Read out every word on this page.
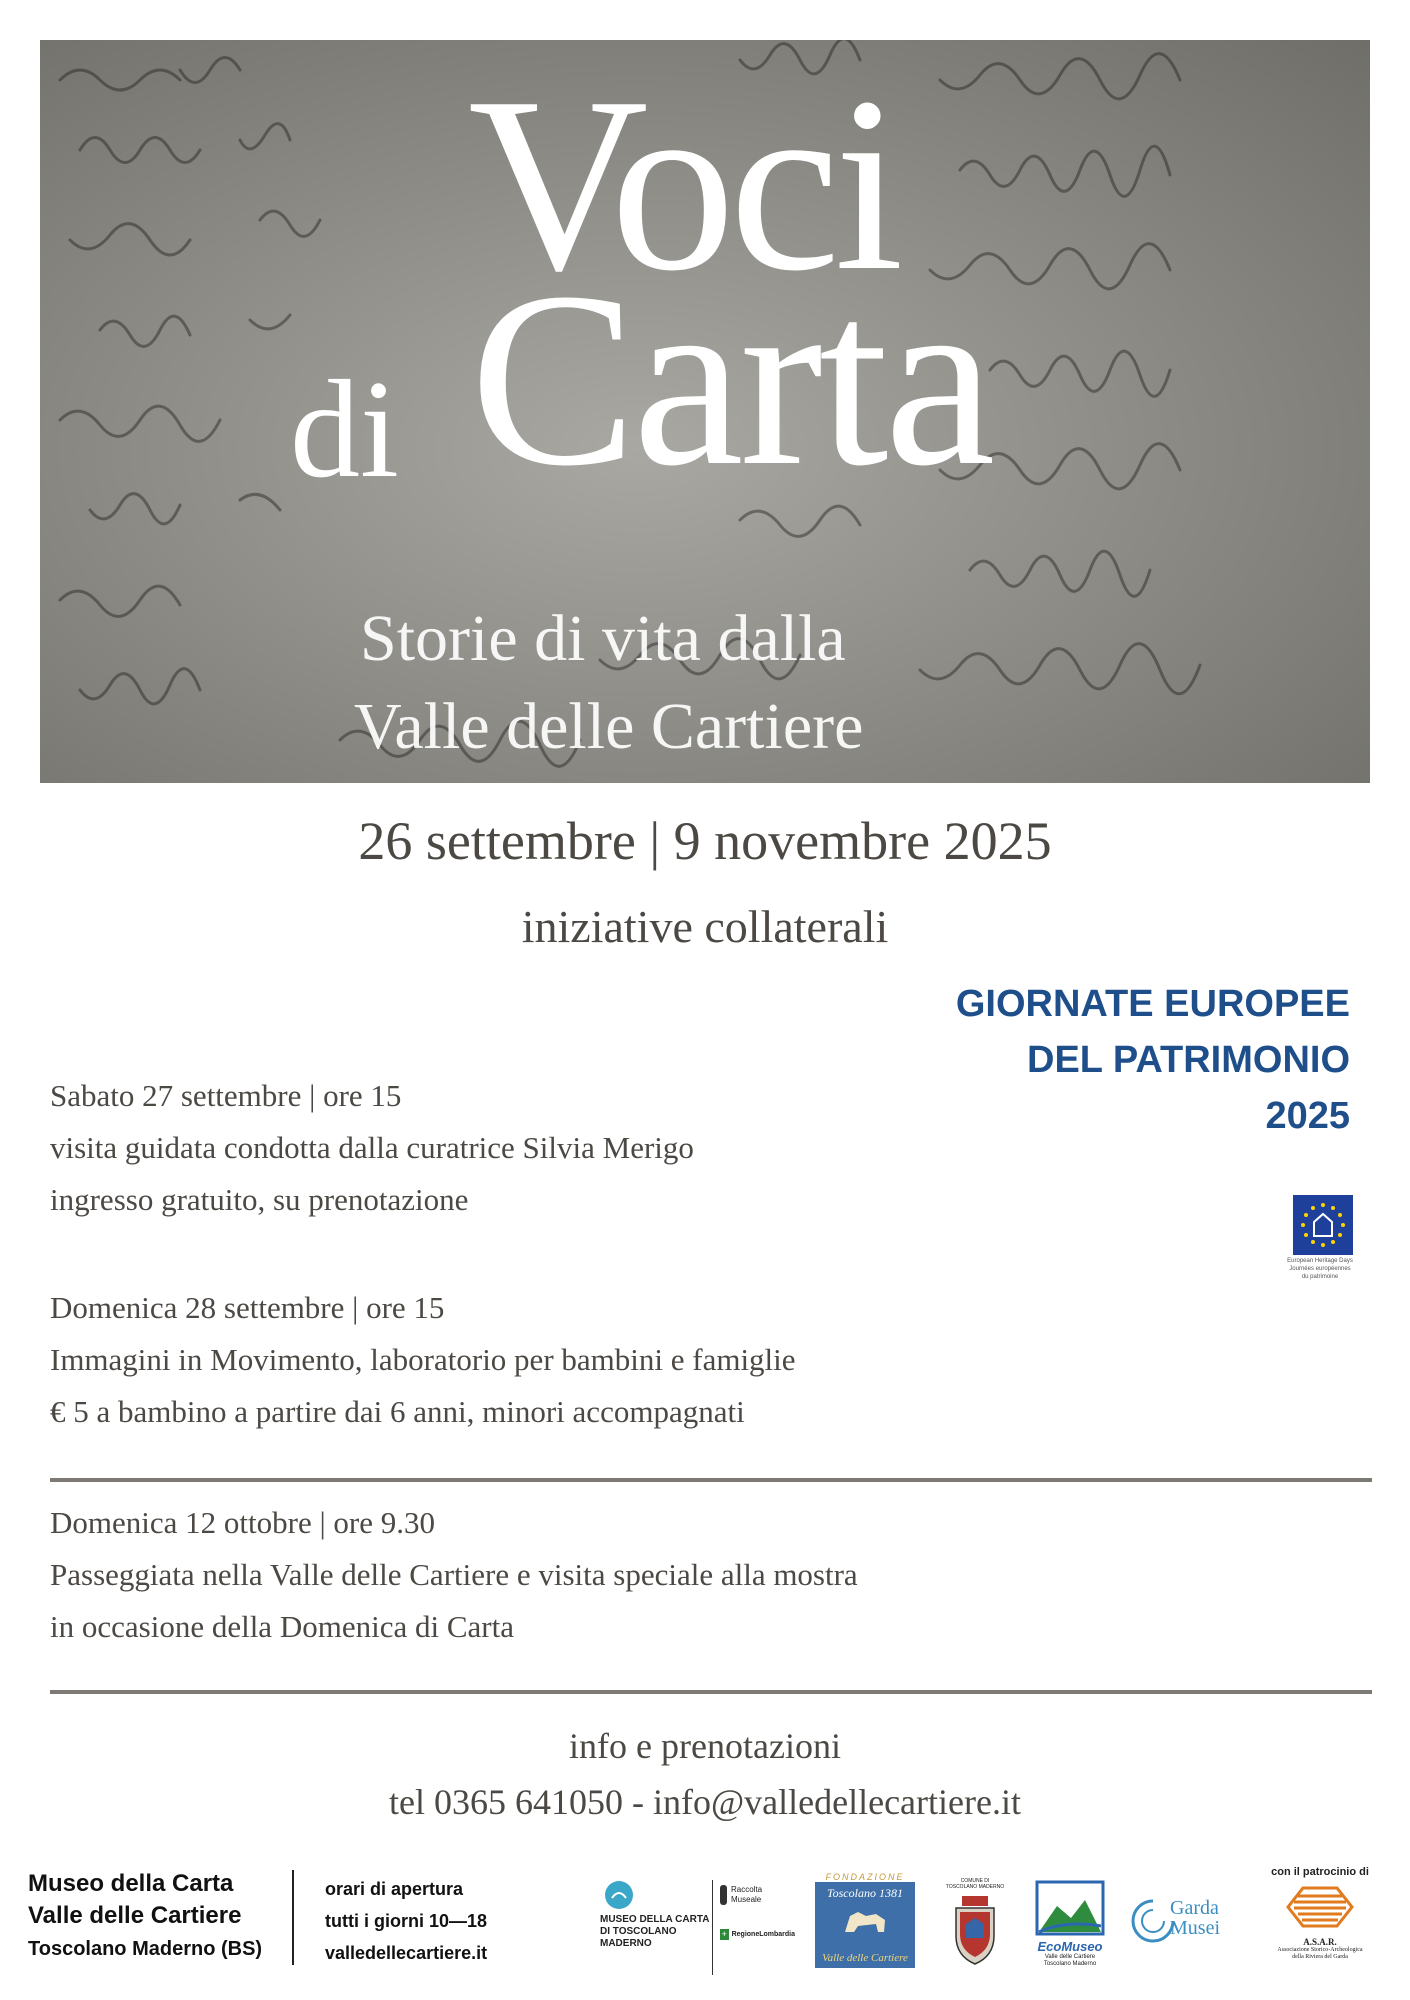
Voci
di Carta
Storie di vita dalla
Valle delle Cartiere
26 settembre | 9 novembre 2025
iniziative collaterali
GIORNATE EUROPEE
DEL PATRIMONIO
2025
European Heritage Days
Journées européennes
du patrimoine
Sabato 27 settembre | ore 15
visita guidata condotta dalla curatrice Silvia Merigo
ingresso gratuito, su prenotazione
Domenica 28 settembre | ore 15
Immagini in Movimento, laboratorio per bambini e famiglie
€ 5 a bambino a partire dai 6 anni, minori accompagnati
Domenica 12 ottobre | ore 9.30
Passeggiata nella Valle delle Cartiere e visita speciale alla mostra
in occasione della Domenica di Carta
info e prenotazioni
tel 0365 641050 - info@valledellecartiere.it
Museo della Carta
Valle delle Cartiere
Toscolano Maderno (BS)
orari di apertura
tutti i giorni 10—18
valledellecartiere.it
MUSEO DELLA CARTA
DI TOSCOLANO
MADERNO
Raccolta
Museale
+ RegioneLombardia
FONDAZIONE
Toscolano 1381
Valle delle Cartiere
COMUNE DI
TOSCOLANO MADERNO
EcoMuseo
Valle delle Cartiere
Toscolano Maderno
Garda
Musei
con il patrocinio di
A.S.A.R.
Associazione Storico-Archeologica
della Riviera del Garda
